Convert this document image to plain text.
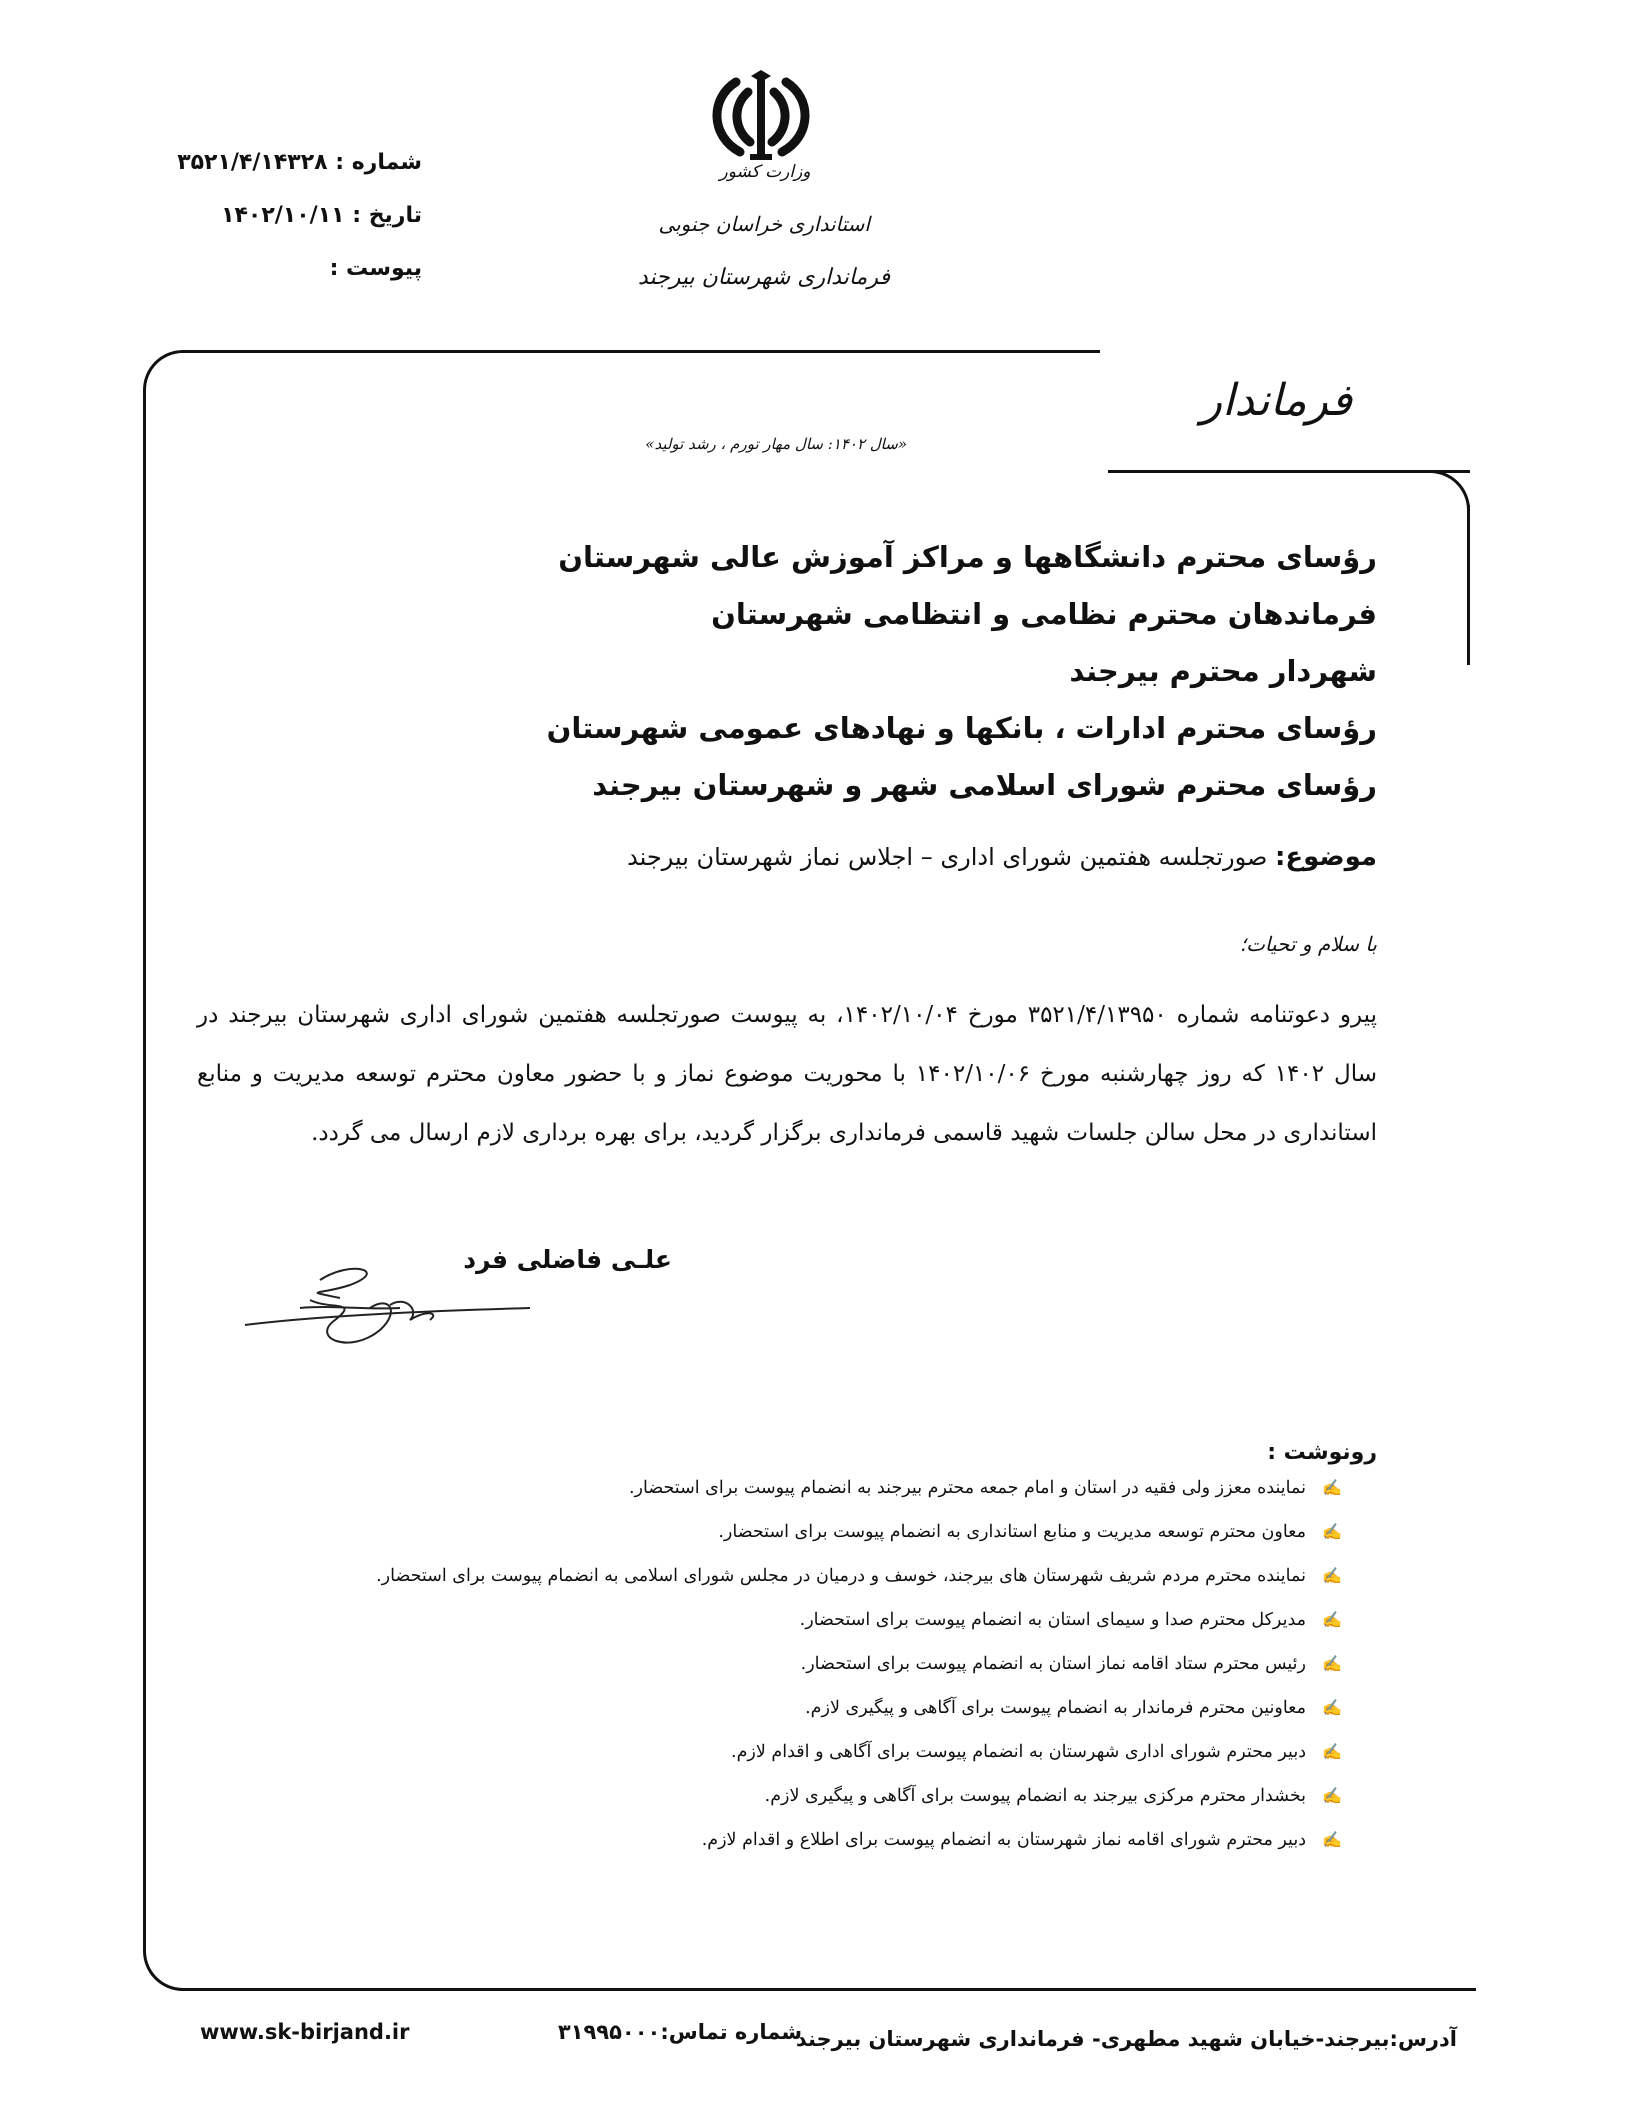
شماره : ۳۵۲۱/۴/۱۴۳۲۸
تاریخ : ۱۴۰۲/۱۰/۱۱
پیوست :
وزارت کشور
استانداری خراسان جنوبی
فرمانداری شهرستان بیرجند
فرماندار
«سال ۱۴۰۲: سال مهار تورم ، رشد تولید»
رؤسای محترم دانشگاهها و مراکز آموزش عالی شهرستان
فرماندهان محترم نظامی و انتظامی شهرستان
شهردار محترم بیرجند
رؤسای محترم ادارات ، بانکها و نهادهای عمومی شهرستان
رؤسای محترم شورای اسلامی شهر و شهرستان بیرجند
موضوع: صورتجلسه هفتمین شورای اداری – اجلاس نماز شهرستان بیرجند
با سلام و تحیات؛
پیرو دعوتنامه شماره ۳۵۲۱/۴/۱۳۹۵۰ مورخ ۱۴۰۲/۱۰/۰۴، به پیوست صورتجلسه هفتمین شورای اداری شهرستان بیرجند در سال ۱۴۰۲ که روز چهارشنبه مورخ ۱۴۰۲/۱۰/۰۶ با محوریت موضوع نماز و با حضور معاون محترم توسعه مدیریت و منابع استانداری در محل سالن جلسات شهید قاسمی فرمانداری برگزار گردید، برای بهره برداری لازم ارسال می گردد.
علـی فاضلی فرد
رونوشت :
✍نماینده معزز ولی فقیه در استان و امام جمعه محترم بیرجند به انضمام پیوست برای استحضار.
✍معاون محترم توسعه مدیریت و منابع استانداری به انضمام پیوست برای استحضار.
✍نماینده محترم مردم شریف شهرستان های بیرجند، خوسف و درمیان در مجلس شورای اسلامی به انضمام پیوست برای استحضار.
✍مدیرکل محترم صدا و سیمای استان به انضمام پیوست برای استحضار.
✍رئیس محترم ستاد اقامه نماز استان به انضمام پیوست برای استحضار.
✍معاونین محترم فرماندار به انضمام پیوست برای آگاهی و پیگیری لازم.
✍دبیر محترم شورای اداری شهرستان به انضمام پیوست برای آگاهی و اقدام لازم.
✍بخشدار محترم مرکزی بیرجند به انضمام پیوست برای آگاهی و پیگیری لازم.
✍دبیر محترم شورای اقامه نماز شهرستان به انضمام پیوست برای اطلاع و اقدام لازم.
آدرس:بیرجند-خیابان شهید مطهری- فرمانداری شهرستان بیرجند
شماره تماس:۳۱۹۹۵۰۰۰
www.sk-birjand.ir
